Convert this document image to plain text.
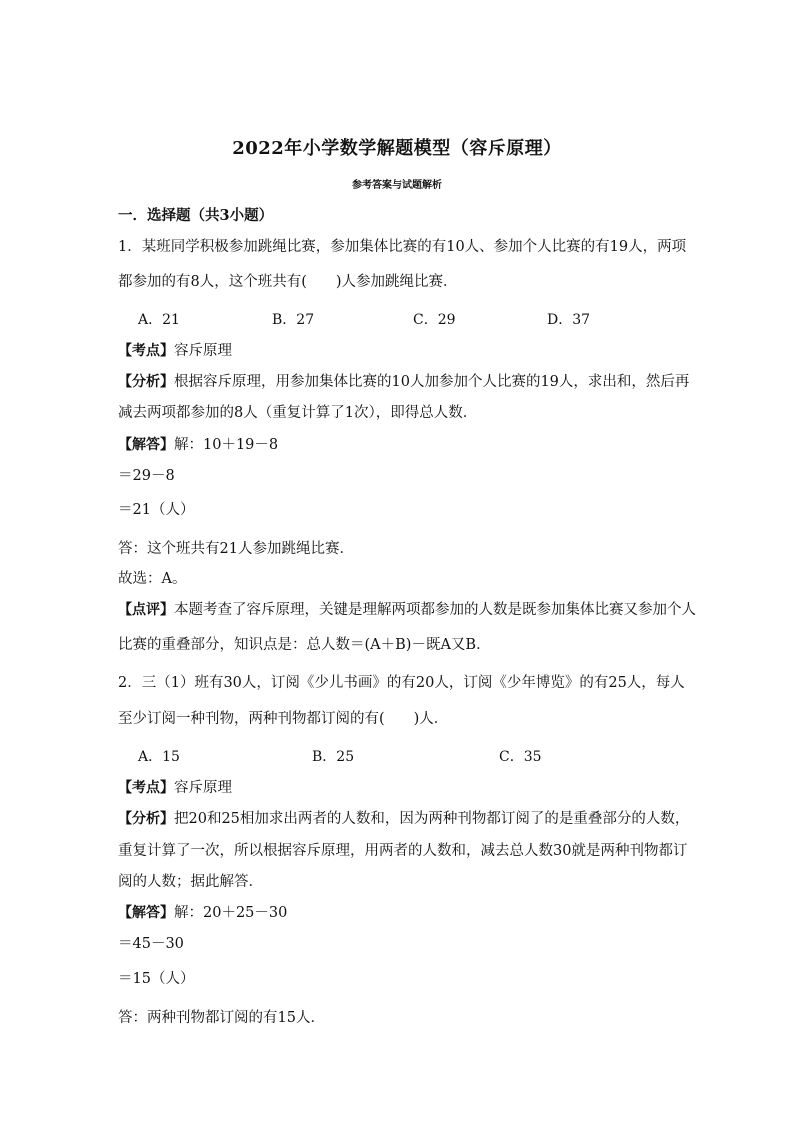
2022年小学数学解题模型（容斥原理）
参考答案与试题解析
一．选择题（共3小题）
1．某班同学积极参加跳绳比赛，参加集体比赛的有10人、参加个人比赛的有19人，两项
都参加的有8人，这个班共有(　　)人参加跳绳比赛．
A．21	B．27	C．29	D．37
【考点】容斥原理
【分析】根据容斥原理，用参加集体比赛的10人加参加个人比赛的19人，求出和，然后再
减去两项都参加的8人（重复计算了1次），即得总人数．
【解答】解：10＋19－8
＝29－8
＝21（人）
答：这个班共有21人参加跳绳比赛．
故选：A。
【点评】本题考查了容斥原理，关键是理解两项都参加的人数是既参加集体比赛又参加个人
比赛的重叠部分，知识点是：总人数＝(A＋B)－既A又B．
2．三（1）班有30人，订阅《少儿书画》的有20人，订阅《少年博览》的有25人，每人
至少订阅一种刊物，两种刊物都订阅的有(　　)人．
A．15	B．25	C．35
【考点】容斥原理
【分析】把20和25相加求出两者的人数和，因为两种刊物都订阅了的是重叠部分的人数，
重复计算了一次，所以根据容斥原理，用两者的人数和，减去总人数30就是两种刊物都订
阅的人数；据此解答．
【解答】解：20＋25－30
＝45－30
＝15（人）
答：两种刊物都订阅的有15人．
